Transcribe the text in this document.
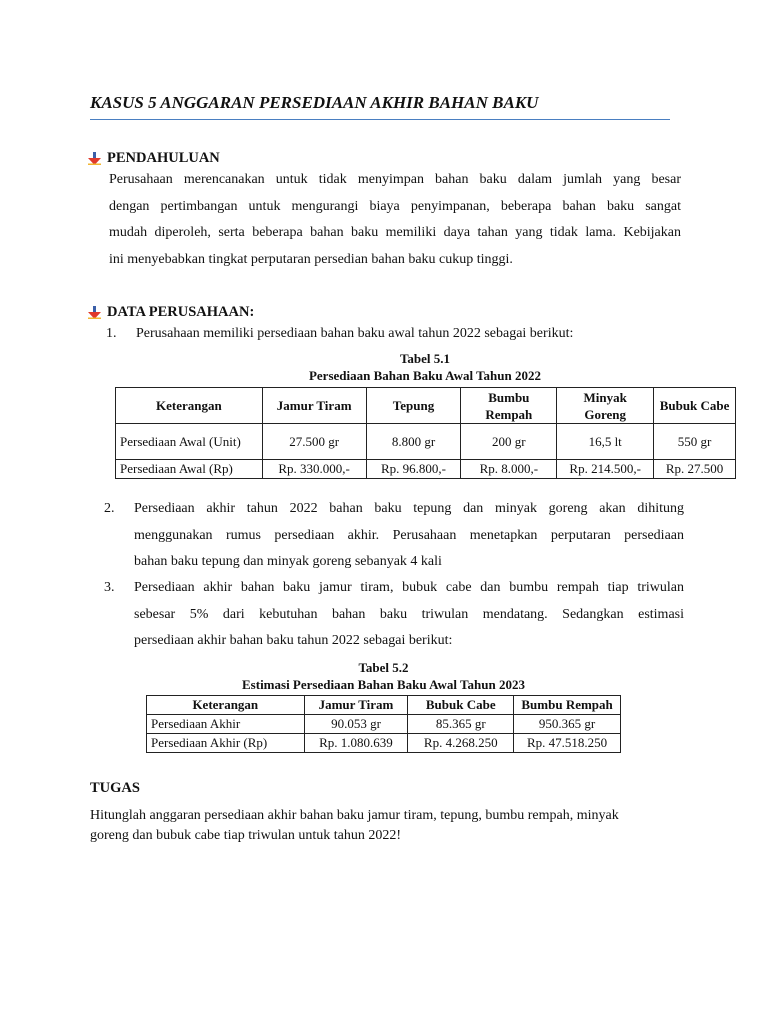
KASUS 5 ANGGARAN PERSEDIAAN AKHIR BAHAN BAKU
PENDAHULUAN
Perusahaan merencanakan untuk tidak menyimpan bahan baku dalam jumlah yang besar
dengan pertimbangan untuk mengurangi biaya penyimpanan, beberapa bahan baku sangat
mudah diperoleh, serta beberapa bahan baku memiliki daya tahan yang tidak lama. Kebijakan
ini menyebabkan tingkat perputaran persedian bahan baku cukup tinggi.
DATA PERUSAHAAN:
1. Perusahaan memiliki persediaan bahan baku awal tahun 2022 sebagai berikut:
Tabel 5.1
Persediaan Bahan Baku Awal Tahun 2022
Keterangan	Jamur Tiram	Tepung	Bumbu Rempah	Minyak Goreng	Bubuk Cabe
Persediaan Awal (Unit)	27.500 gr	8.800 gr	200 gr	16,5 lt	550 gr
Persediaan Awal (Rp)	Rp. 330.000,-	Rp. 96.800,-	Rp. 8.000,-	Rp. 214.500,-	Rp. 27.500
2. Persediaan akhir tahun 2022 bahan baku tepung dan minyak goreng akan dihitung
menggunakan rumus persediaan akhir. Perusahaan menetapkan perputaran persediaan
bahan baku tepung dan minyak goreng sebanyak 4 kali
3. Persediaan akhir bahan baku jamur tiram, bubuk cabe dan bumbu rempah tiap triwulan
sebesar 5% dari kebutuhan bahan baku triwulan mendatang. Sedangkan estimasi
persediaan akhir bahan baku tahun 2022 sebagai berikut:
Tabel 5.2
Estimasi Persediaan Bahan Baku Awal Tahun 2023
Keterangan	Jamur Tiram	Bubuk Cabe	Bumbu Rempah
Persediaan Akhir	90.053 gr	85.365 gr	950.365 gr
Persediaan Akhir (Rp)	Rp. 1.080.639	Rp. 4.268.250	Rp. 47.518.250
TUGAS

Hitunglah anggaran persediaan akhir bahan baku jamur tiram, tepung, bumbu rempah, minyak
goreng dan bubuk cabe tiap triwulan untuk tahun 2022!
